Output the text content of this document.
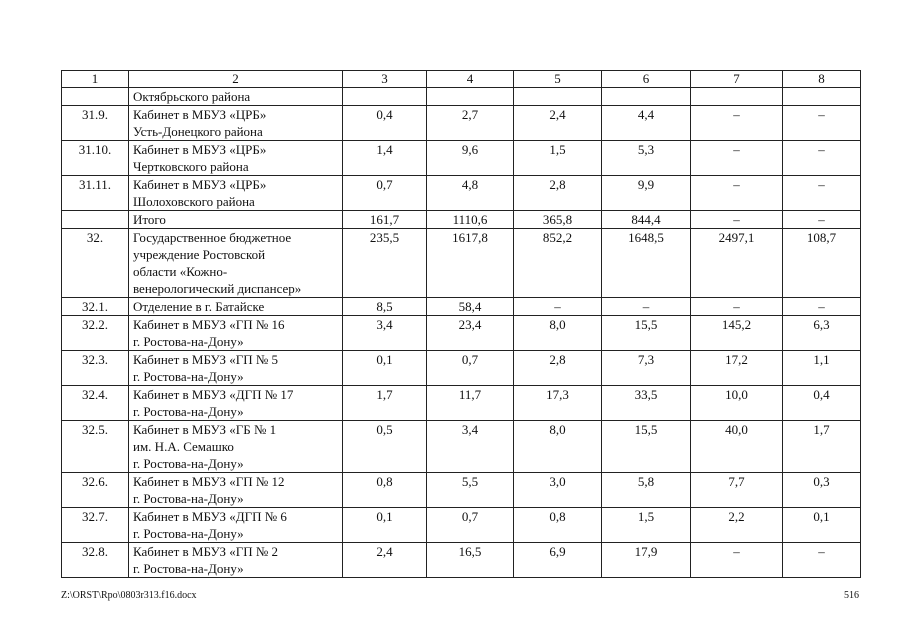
1	2	3	4	5	6	7	8

	Октябрьского района						

31.9.	Кабинет в МБУЗ «ЦРБ»
Усть-Донецкого района	0,4	2,7	2,4	4,4	–	–
31.10.	Кабинет в МБУЗ «ЦРБ»
Чертковского района	1,4	9,6	1,5	5,3	–	–
31.11.	Кабинет в МБУЗ «ЦРБ»
Шолоховского района	0,7	4,8	2,8	9,9	–	–

	Итого	161,7	1110,6	365,8	844,4	–	–
32.	Государственное бюджетное
учреждение Ростовской
области «Кожно-
венерологический диспансер»	235,5	1617,8	852,2	1648,5	2497,1	108,7
32.1.	Отделение в г. Батайске	8,5	58,4	–	–	–	–
32.2.	Кабинет в МБУЗ «ГП № 16
г. Ростова-на-Дону»	3,4	23,4	8,0	15,5	145,2	6,3
32.3.	Кабинет в МБУЗ «ГП № 5
г. Ростова-на-Дону»	0,1	0,7	2,8	7,3	17,2	1,1
32.4.	Кабинет в МБУЗ «ДГП № 17
г. Ростова-на-Дону»	1,7	11,7	17,3	33,5	10,0	0,4
32.5.	Кабинет в МБУЗ «ГБ № 1
им. Н.А. Семашко
г. Ростова-на-Дону»	0,5	3,4	8,0	15,5	40,0	1,7
32.6.	Кабинет в МБУЗ «ГП № 12
г. Ростова-на-Дону»	0,8	5,5	3,0	5,8	7,7	0,3
32.7.	Кабинет в МБУЗ «ДГП № 6
г. Ростова-на-Дону»	0,1	0,7	0,8	1,5	2,2	0,1
32.8.	Кабинет в МБУЗ «ГП № 2
г. Ростова-на-Дону»	2,4	16,5	6,9	17,9	–	–
Z:\ORST\Rpo\0803r313.f16.docx	516
